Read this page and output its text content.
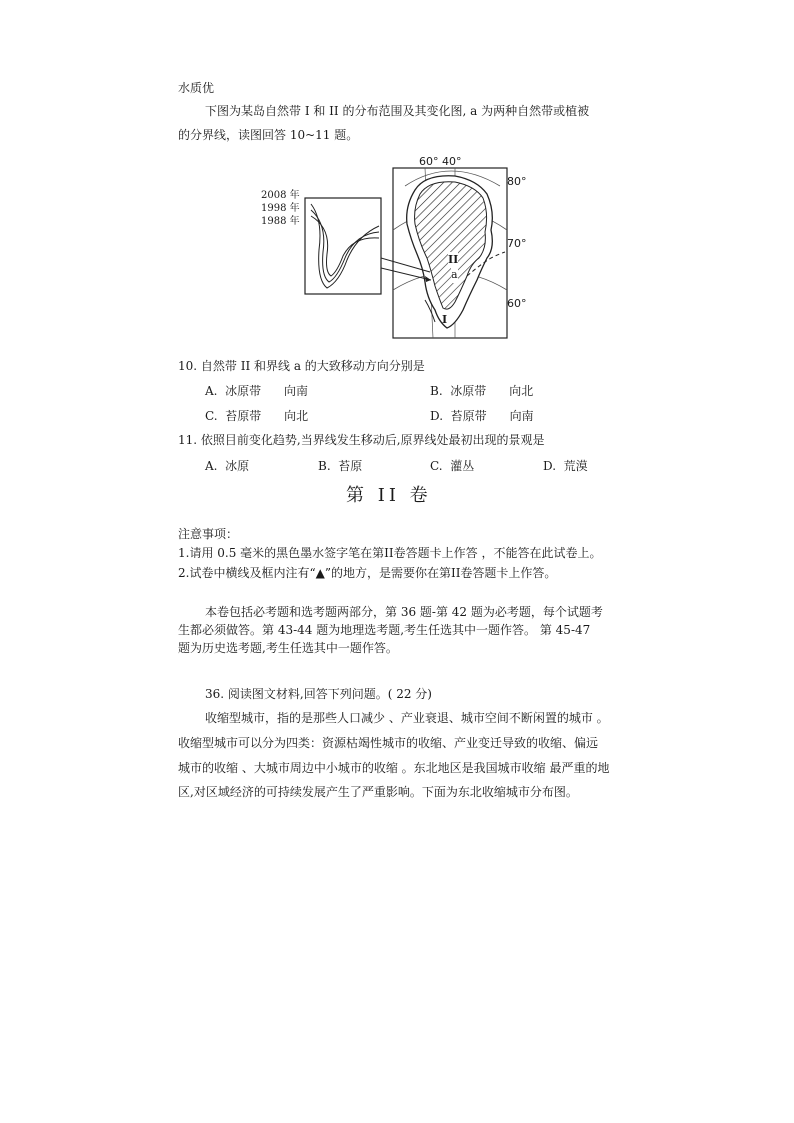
水质优
下图为某岛自然带 I 和 II 的分布范围及其变化图, a 为两种自然带或植被
的分界线，读图回答 10~11 题。
60° 40°
80°
70°
60°
II
a
I
2008 年
1998 年
1988 年
10. 自然带 II 和界线 a 的大致移动方向分别是
A. 冰原带 向南	B. 冰原带 向北
C. 苔原带 向北	D. 苔原带 向南
11. 依照目前变化趋势,当界线发生移动后,原界线处最初出现的景观是
A. 冰原	B. 苔原	C. 灌丛	D. 荒漠
第 II 卷
注意事项：
1.请用 0.5 毫米的黑色墨水签字笔在第II卷答题卡上作答 ，不能答在此试卷上。
2.试卷中横线及框内注有“▲”的地方，是需要你在第II卷答题卡上作答。
本卷包括必考题和选考题两部分，第 36 题-第 42 题为必考题，每个试题考
生都必须做答。第 43-44 题为地理选考题,考生任选其中一题作答。 第 45-47
题为历史选考题,考生任选其中一题作答。
36. 阅读图文材料,回答下列问题。( 22 分)
收缩型城市，指的是那些人口减少 、产业衰退、城市空间不断闲置的城市 。
收缩型城市可以分为四类：资源枯竭性城市的收缩、产业变迁导致的收缩、偏远
城市的收缩 、大城市周边中小城市的收缩 。东北地区是我国城市收缩 最严重的地
区,对区域经济的可持续发展产生了严重影响。下面为东北收缩城市分布图。
